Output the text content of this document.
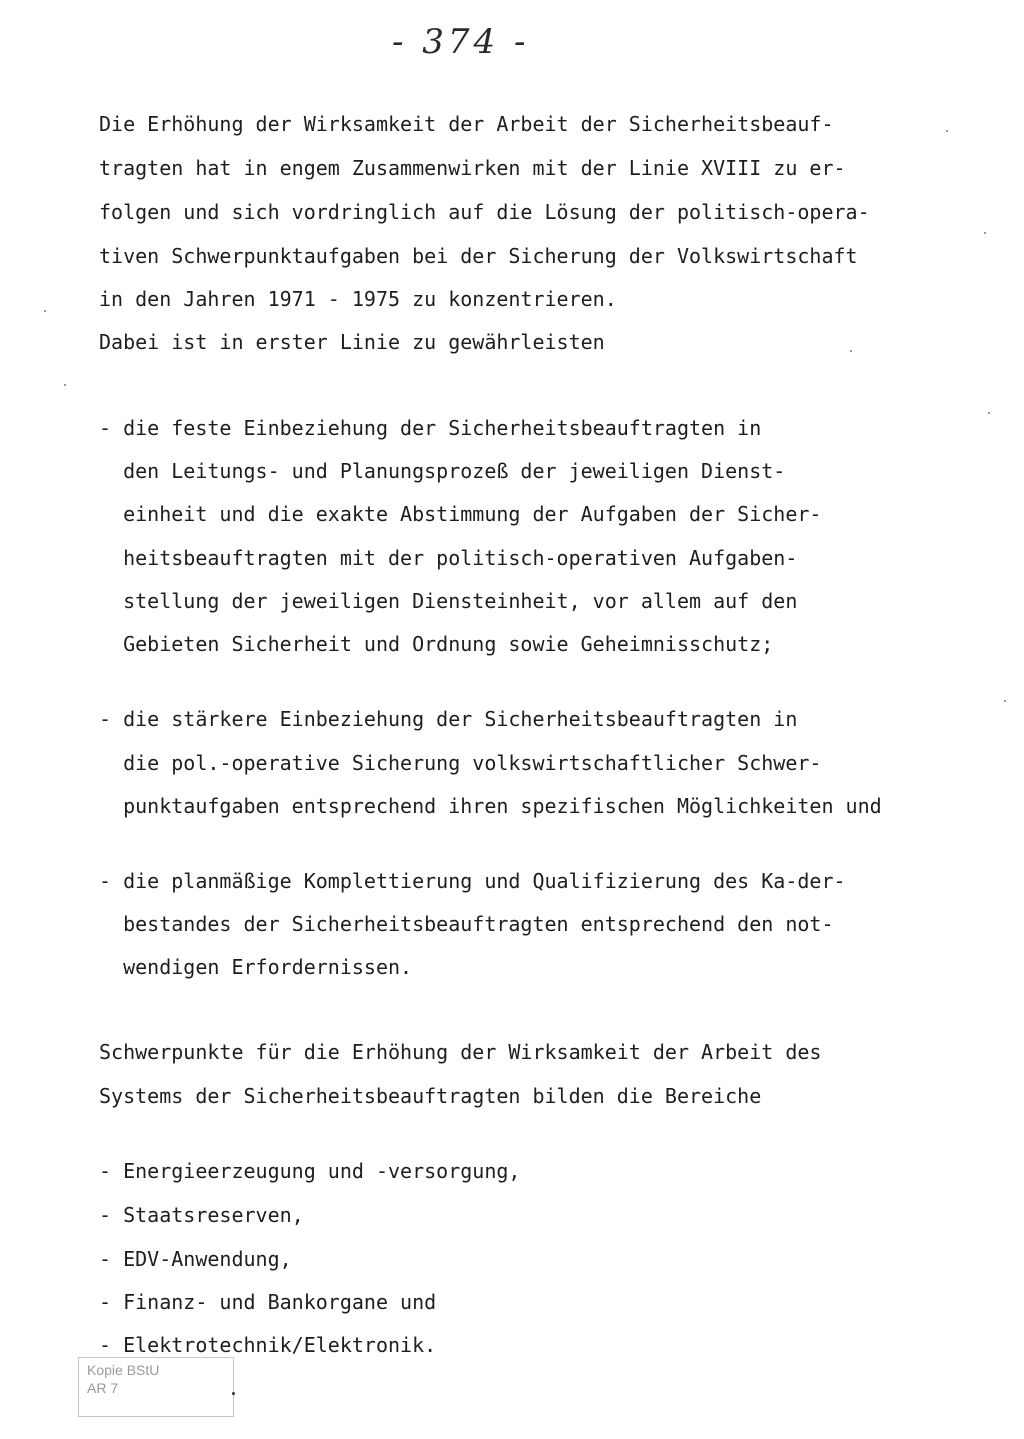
- 374 -
Die Erhöhung der Wirksamkeit der Arbeit der Sicherheitsbeauf-
tragten hat in engem Zusammenwirken mit der Linie XVIII zu er-
folgen und sich vordringlich auf die Lösung der politisch-opera-
tiven Schwerpunktaufgaben bei der Sicherung der Volkswirtschaft
in den Jahren 1971 - 1975 zu konzentrieren.
Dabei ist in erster Linie zu gewährleisten
- die feste Einbeziehung der Sicherheitsbeauftragten in
den Leitungs- und Planungsprozeß der jeweiligen Dienst-
einheit und die exakte Abstimmung der Aufgaben der Sicher-
heitsbeauftragten mit der politisch-operativen Aufgaben-
stellung der jeweiligen Diensteinheit, vor allem auf den
Gebieten Sicherheit und Ordnung sowie Geheimnisschutz;
- die stärkere Einbeziehung der Sicherheitsbeauftragten in
die pol.-operative Sicherung volkswirtschaftlicher Schwer-
punktaufgaben entsprechend ihren spezifischen Möglichkeiten und
- die planmäßige Komplettierung und Qualifizierung des Ka-der-
bestandes der Sicherheitsbeauftragten entsprechend den not-
wendigen Erfordernissen.
Schwerpunkte für die Erhöhung der Wirksamkeit der Arbeit des
Systems der Sicherheitsbeauftragten bilden die Bereiche
- Energieerzeugung und -versorgung,
- Staatsreserven,
- EDV-Anwendung,
- Finanz- und Bankorgane und
- Elektrotechnik/Elektronik.
Kopie BStU
AR 7
